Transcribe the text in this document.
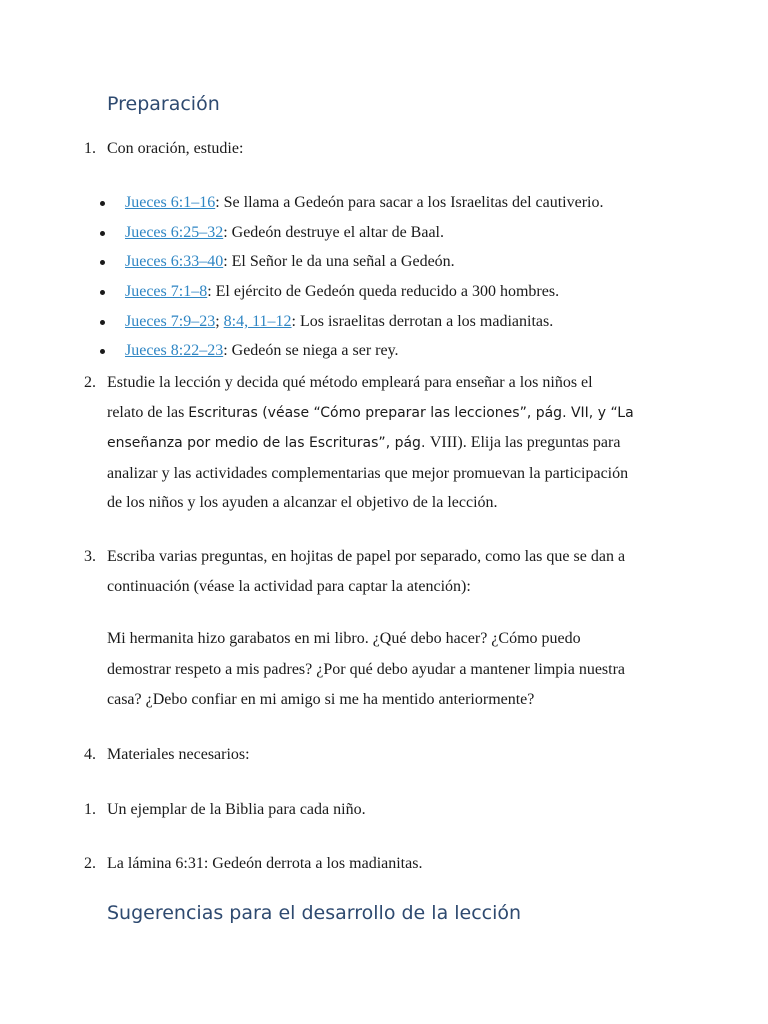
Preparación
1. Con oración, estudie:
Jueces 6:1–16: Se llama a Gedeón para sacar a los Israelitas del cautiverio.
Jueces 6:25–32: Gedeón destruye el altar de Baal.
Jueces 6:33–40: El Señor le da una señal a Gedeón.
Jueces 7:1–8: El ejército de Gedeón queda reducido a 300 hombres.
Jueces 7:9–23; 8:4, 11–12: Los israelitas derrotan a los madianitas.
Jueces 8:22–23: Gedeón se niega a ser rey.
2. Estudie la lección y decida qué método empleará para enseñar a los niños el
relato de las Escrituras (véase “Cómo preparar las lecciones”, pág. VII, y “La
enseñanza por medio de las Escrituras”, pág. VIII). Elija las preguntas para
analizar y las actividades complementarias que mejor promuevan la participación
de los niños y los ayuden a alcanzar el objetivo de la lección.
3. Escriba varias preguntas, en hojitas de papel por separado, como las que se dan a
continuación (véase la actividad para captar la atención):
Mi hermanita hizo garabatos en mi libro. ¿Qué debo hacer? ¿Cómo puedo
demostrar respeto a mis padres? ¿Por qué debo ayudar a mantener limpia nuestra
casa? ¿Debo confiar en mi amigo si me ha mentido anteriormente?
4. Materiales necesarios:
1. Un ejemplar de la Biblia para cada niño.
2. La lámina 6:31: Gedeón derrota a los madianitas.
Sugerencias para el desarrollo de la lección
